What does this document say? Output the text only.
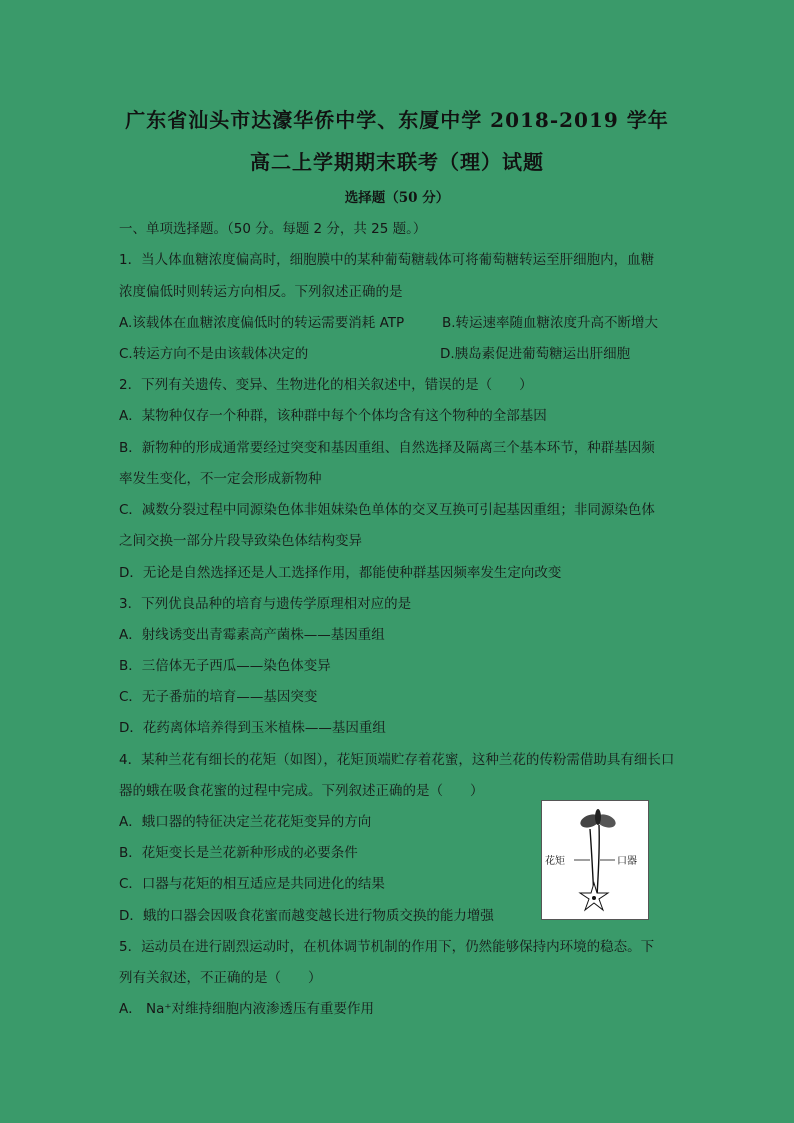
广东省汕头市达濠华侨中学、东厦中学 2018-2019 学年
高二上学期期末联考（理）试题
选择题（50 分）
一、单项选择题。（50 分。每题 2 分，共 25 题。）
1．当人体血糖浓度偏高时，细胞膜中的某种葡萄糖载体可将葡萄糖转运至肝细胞内，血糖
浓度偏低时则转运方向相反。下列叙述正确的是
A.该载体在血糖浓度偏低时的转运需要消耗 ATP	B.转运速率随血糖浓度升高不断增大
C.转运方向不是由该载体决定的	D.胰岛素促进葡萄糖运出肝细胞
2．下列有关遗传、变异、生物进化的相关叙述中，错误的是（　　）
A．某物种仅存一个种群，该种群中每个个体均含有这个物种的全部基因
B．新物种的形成通常要经过突变和基因重组、自然选择及隔离三个基本环节，种群基因频
率发生变化，不一定会形成新物种
C．减数分裂过程中同源染色体非姐妹染色单体的交叉互换可引起基因重组；非同源染色体
之间交换一部分片段导致染色体结构变异
D．无论是自然选择还是人工选择作用，都能使种群基因频率发生定向改变
3．下列优良品种的培育与遗传学原理相对应的是
A．射线诱变出青霉素高产菌株——基因重组
B．三倍体无子西瓜——染色体变异
C．无子番茄的培育——基因突变
D．花药离体培养得到玉米植株——基因重组
4．某种兰花有细长的花矩（如图），花矩顶端贮存着花蜜，这种兰花的传粉需借助具有细长口
器的蛾在吸食花蜜的过程中完成。下列叙述正确的是（　　）
A．蛾口器的特征决定兰花花矩变异的方向
B．花矩变长是兰花新种形成的必要条件
C．口器与花矩的相互适应是共同进化的结果
D．蛾的口器会因吸食花蜜而越变越长进行物质交换的能力增强
花矩	口器
5．运动员在进行剧烈运动时，在机体调节机制的作用下，仍然能够保持内环境的稳态。下
列有关叙述，不正确的是（　　）
A． Na⁺对维持细胞内液渗透压有重要作用
